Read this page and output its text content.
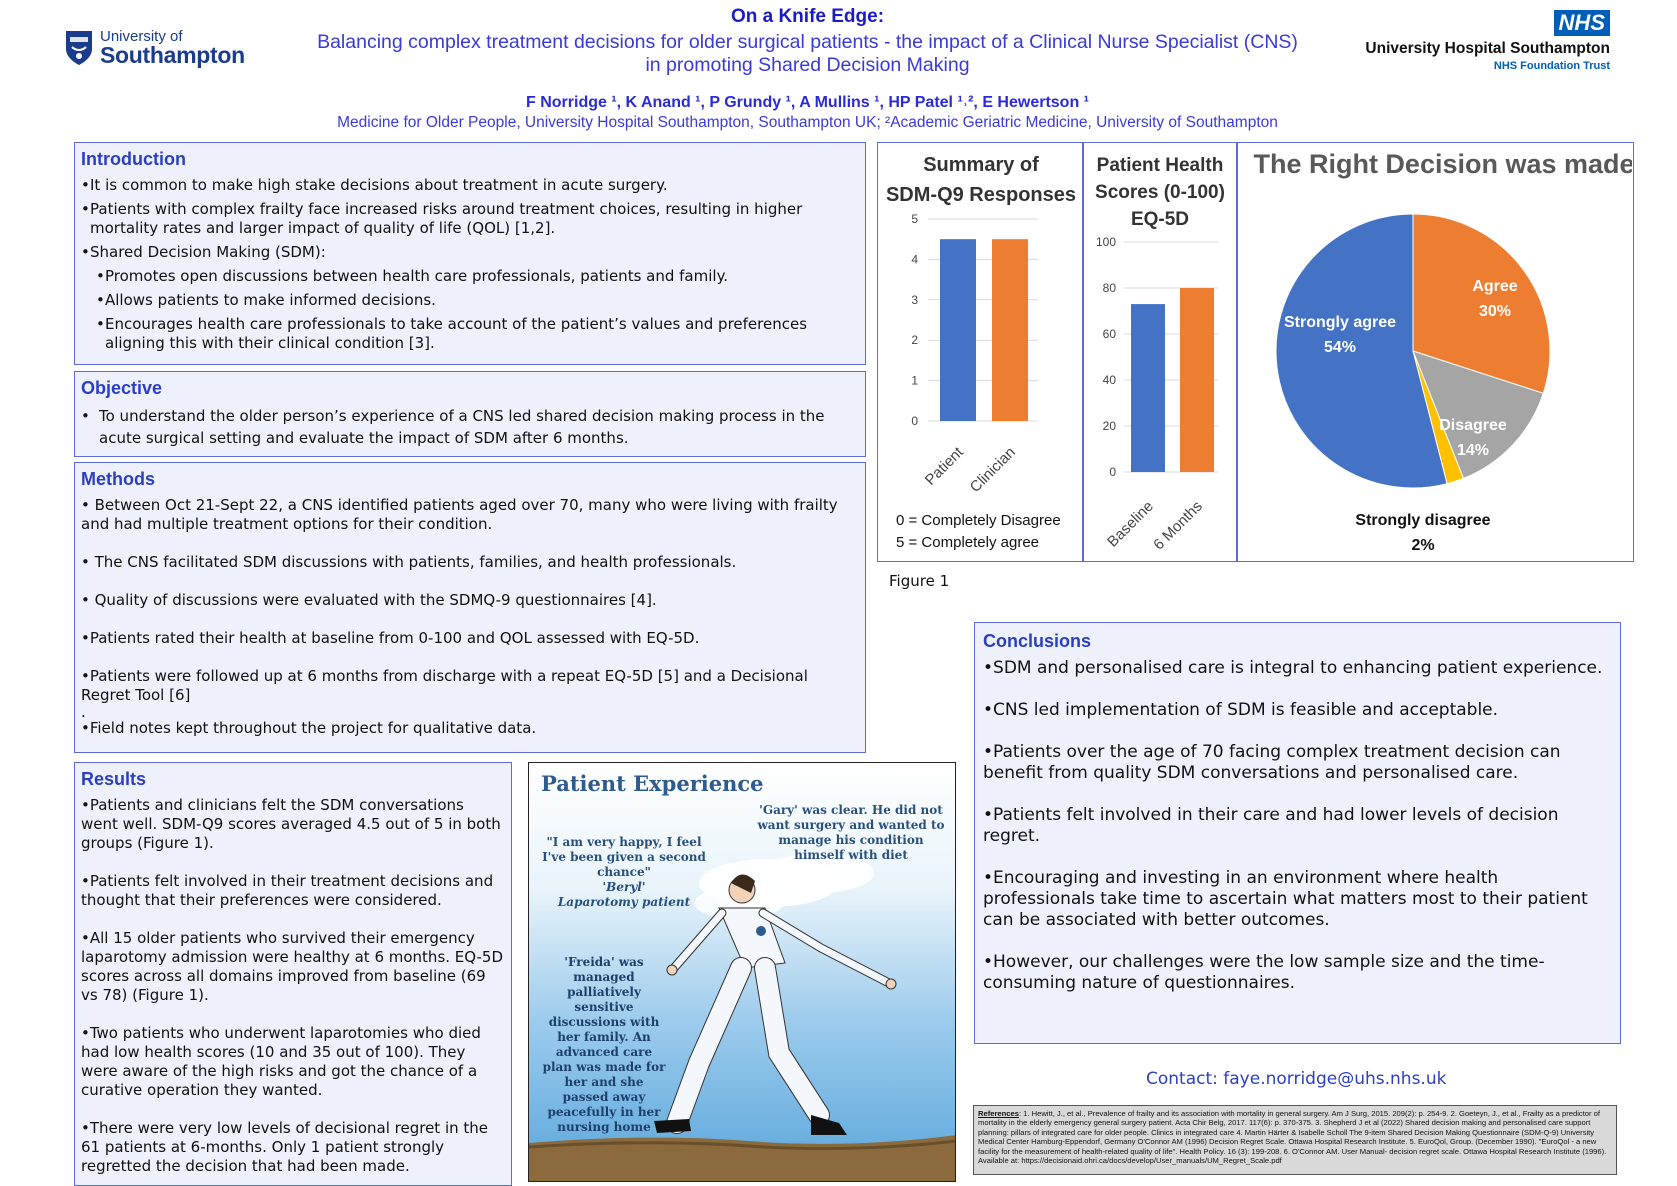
University of
Southampton
On a Knife Edge:
Balancing complex treatment decisions for older surgical patients - the impact of a Clinical Nurse Specialist (CNS)
in promoting Shared Decision Making
F Norridge ¹, K Anand ¹, P Grundy ¹, A Mullins ¹, HP Patel ¹˒², E Hewertson ¹
Medicine for Older People, University Hospital Southampton, Southampton UK; ²Academic Geriatric Medicine, University of Southampton
NHS
University Hospital Southampton
NHS Foundation Trust
Introduction

• It is common to make high stake decisions about treatment in acute surgery.

• Patients with complex frailty face increased risks around treatment choices, resulting in higher mortality rates and larger impact of quality of life (QOL) [1,2].

• Shared Decision Making (SDM):

• Promotes open discussions between health care professionals, patients and family.

• Allows patients to make informed decisions.

• Encourages health care professionals to take account of the patient’s values and preferences aligning this with their clinical condition [3].

Objective

• To understand the older person’s experience of a CNS led shared decision making process in the acute surgical setting and evaluate the impact of SDM after 6 months.

Methods

• Between Oct 21-Sept 22, a CNS identified patients aged over 70, many who were living with frailty and had multiple treatment options for their condition.

• The CNS facilitated SDM discussions with patients, families, and health professionals.

• Quality of discussions were evaluated with the SDMQ-9 questionnaires [4].

•Patients rated their health at baseline from 0-100 and QOL assessed with EQ-5D.

•Patients were followed up at 6 months from discharge with a repeat EQ-5D [5] and a Decisional Regret Tool [6]

.

•Field notes kept throughout the project for qualitative data.

Results

•Patients and clinicians felt the SDM conversations went well. SDM-Q9 scores averaged 4.5 out of 5 in both groups (Figure 1).

•Patients felt involved in their treatment decisions and thought that their preferences were considered.

•All 15 older patients who survived their emergency laparotomy admission were healthy at 6 months. EQ-5D scores across all domains improved from baseline (69 vs 78) (Figure 1).

•Two patients who underwent laparotomies who died had low health scores (10 and 35 out of 100). They were aware of the high risks and got the chance of a curative operation they wanted.

•There were very low levels of decisional regret in the 61 patients at 6-months. Only 1 patient strongly regretted the decision that had been made.

Summary of
SDM-Q9 Responses
0
1
2
3
4
5
Patient Clinician
0 = Completely Disagree
5 = Completely agree
Patient Health
Scores (0-100)
EQ-5D
0
20
40
60
80
100
Baseline
6 Months
The Right Decision was made
Agree
30%
Disagree
14%
Strongly disagree
2%
Strongly agree
54%
Figure 1
Patient Experience
"I am very happy, I feel I've been given a second chance"
'Beryl'
Laparotomy patient
'Gary' was clear. He did not want surgery and wanted to manage his condition himself with diet
'Freida' was managed palliatively sensitive discussions with her family. An advanced care plan was made for her and she passed away peacefully in her nursing home
Conclusions

•SDM and personalised care is integral to enhancing patient experience.

•CNS led implementation of SDM is feasible and acceptable.

•Patients over the age of 70 facing complex treatment decision can benefit from quality SDM conversations and personalised care.

•Patients felt involved in their care and had lower levels of decision regret.

•Encouraging and investing in an environment where health professionals take time to ascertain what matters most to their patient can be associated with better outcomes.

•However, our challenges were the low sample size and the time-consuming nature of questionnaires.

Contact: faye.norridge@uhs.nhs.uk
References: 1. Hewitt, J., et al., Prevalence of frailty and its association with mortality in general surgery. Am J Surg, 2015. 209(2): p. 254-9. 2. Goeteyn, J., et al., Frailty as a predictor of mortality in the elderly emergency general surgery patient. Acta Chir Belg, 2017. 117(6): p. 370-375. 3. Shepherd J et al (2022) Shared decision making and personalised care support planning: pillars of integrated care for older people. Clinics in integrated care 4. Martin Härter & Isabelle Scholl The 9-item Shared Decision Making Questionnaire (SDM-Q-9) University Medical Center Hamburg-Eppendorf, Germany O'Connor AM (1996) Decision Regret Scale. Ottawa Hospital Research Institute. 5. EuroQol, Group. (December 1990). "EuroQol - a new facility for the measurement of health-related quality of life". Health Policy. 16 (3): 199-208. 6. O'Connor AM. User Manual- decision regret scale. Ottawa Hospital Research Institute (1996). Available at: https://decisionaid.ohri.ca/docs/develop/User_manuals/UM_Regret_Scale.pdf
